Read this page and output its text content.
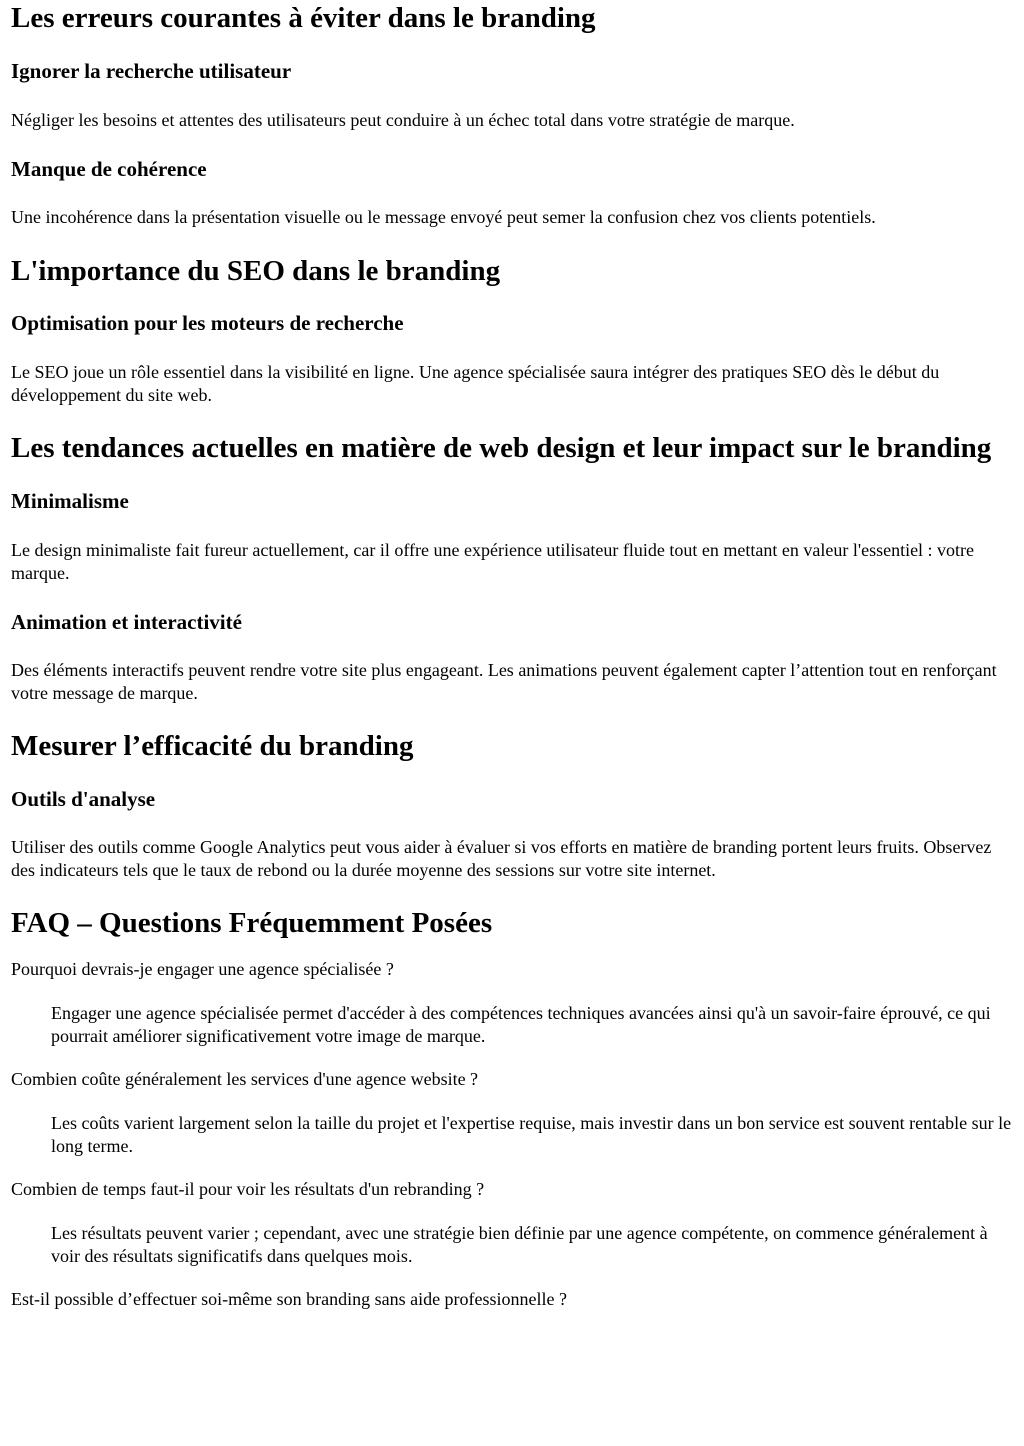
Les erreurs courantes à éviter dans le branding
Ignorer la recherche utilisateur

Négliger les besoins et attentes des utilisateurs peut conduire à un échec total dans votre stratégie de marque.

Manque de cohérence

Une incohérence dans la présentation visuelle ou le message envoyé peut semer la confusion chez vos clients potentiels.

L'importance du SEO dans le branding
Optimisation pour les moteurs de recherche

Le SEO joue un rôle essentiel dans la visibilité en ligne. Une agence spécialisée saura intégrer des pratiques SEO dès le début du développement du site web.

Les tendances actuelles en matière de web design et leur impact sur le branding
Minimalisme

Le design minimaliste fait fureur actuellement, car il offre une expérience utilisateur fluide tout en mettant en valeur l'essentiel : votre marque.

Animation et interactivité

Des éléments interactifs peuvent rendre votre site plus engageant. Les animations peuvent également capter l’attention tout en renforçant votre message de marque.

Mesurer l’efficacité du branding
Outils d'analyse

Utiliser des outils comme Google Analytics peut vous aider à évaluer si vos efforts en matière de branding portent leurs fruits. Observez des indicateurs tels que le taux de rebond ou la durée moyenne des sessions sur votre site internet.

FAQ – Questions Fréquemment Posées
Pourquoi devrais-je engager une agence spécialisée ?
Engager une agence spécialisée permet d'accéder à des compétences techniques avancées ainsi qu'à un savoir-faire éprouvé, ce qui pourrait améliorer significativement votre image de marque.
Combien coûte généralement les services d'une agence website ?
Les coûts varient largement selon la taille du projet et l'expertise requise, mais investir dans un bon service est souvent rentable sur le long terme.
Combien de temps faut-il pour voir les résultats d'un rebranding ?
Les résultats peuvent varier ; cependant, avec une stratégie bien définie par une agence compétente, on commence généralement à voir des résultats significatifs dans quelques mois.
Est-il possible d’effectuer soi-même son branding sans aide professionnelle ?
